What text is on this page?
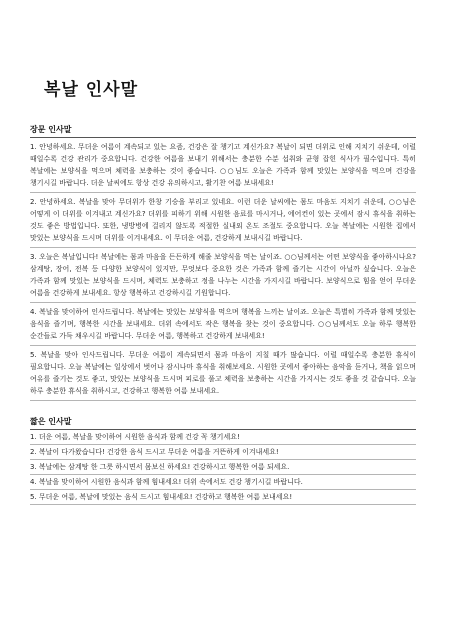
복날 인사말
장문 인사말
1. 안녕하세요. 무더운 여름이 계속되고 있는 요즘, 건강은 잘 챙기고 계신가요? 복날이 되면 더위로 인해 지치기 쉬운데, 이럴 때일수록 건강 관리가 중요합니다. 건강한 여름을 보내기 위해서는 충분한 수분 섭취와 균형 잡힌 식사가 필수입니다. 특히 복날에는 보양식을 먹으며 체력을 보충하는 것이 좋습니다. ○○님도 오늘은 가족과 함께 맛있는 보양식을 먹으며 건강을 챙기시길 바랍니다. 더운 날씨에도 항상 건강 유의하시고, 활기찬 여름 보내세요!
2. 안녕하세요. 복날을 맞아 무더위가 한창 기승을 부리고 있네요. 이런 더운 날씨에는 몸도 마음도 지치기 쉬운데, ○○님은 어떻게 이 더위를 이겨내고 계신가요? 더위를 피하기 위해 시원한 음료를 마시거나, 에어컨이 있는 곳에서 잠시 휴식을 취하는 것도 좋은 방법입니다. 또한, 냉방병에 걸리지 않도록 적절한 실내외 온도 조절도 중요합니다. 오늘 복날에는 시원한 집에서 맛있는 보양식을 드시며 더위를 이겨내세요. 이 무더운 여름, 건강하게 보내시길 바랍니다.
3. 오늘은 복날입니다! 복날에는 몸과 마음을 든든하게 해줄 보양식을 먹는 날이죠. ○○님께서는 어떤 보양식을 좋아하시나요? 삼계탕, 장어, 전복 등 다양한 보양식이 있지만, 무엇보다 중요한 것은 가족과 함께 즐기는 시간이 아닐까 싶습니다. 오늘은 가족과 함께 맛있는 보양식을 드시며, 체력도 보충하고 정을 나누는 시간을 가지시길 바랍니다. 보양식으로 힘을 얻어 무더운 여름을 건강하게 보내세요. 항상 행복하고 건강하시길 기원합니다.
4. 복날을 맞이하여 인사드립니다. 복날에는 맛있는 보양식을 먹으며 행복을 느끼는 날이죠. 오늘은 특별히 가족과 함께 맛있는 음식을 즐기며, 행복한 시간을 보내세요. 더위 속에서도 작은 행복을 찾는 것이 중요합니다. ○○님께서도 오늘 하루 행복한 순간들로 가득 채우시길 바랍니다. 무더운 여름, 행복하고 건강하게 보내세요!
5. 복날을 맞아 인사드립니다. 무더운 여름이 계속되면서 몸과 마음이 지칠 때가 많습니다. 이럴 때일수록 충분한 휴식이 필요합니다. 오늘 복날에는 일상에서 벗어나 잠시나마 휴식을 취해보세요. 시원한 곳에서 좋아하는 음악을 듣거나, 책을 읽으며 여유를 즐기는 것도 좋고, 맛있는 보양식을 드시며 피로를 풀고 체력을 보충하는 시간을 가지시는 것도 좋을 것 같습니다. 오늘 하루 충분한 휴식을 취하시고, 건강하고 행복한 여름 보내세요.
짧은 인사말
1. 더운 여름, 복날을 맞이하여 시원한 음식과 함께 건강 꼭 챙기세요!
2. 복날이 다가왔습니다! 건강한 음식 드시고 무더운 여름을 거뜬하게 이겨내세요!
3. 복날에는 삼계탕 한 그릇 하시면서 몸보신 하세요! 건강하시고 행복한 여름 되세요.
4. 복날을 맞이하여 시원한 음식과 함께 힘내세요! 더위 속에서도 건강 챙기시길 바랍니다.
5. 무더운 여름, 복날에 맛있는 음식 드시고 힘내세요! 건강하고 행복한 여름 보내세요!
